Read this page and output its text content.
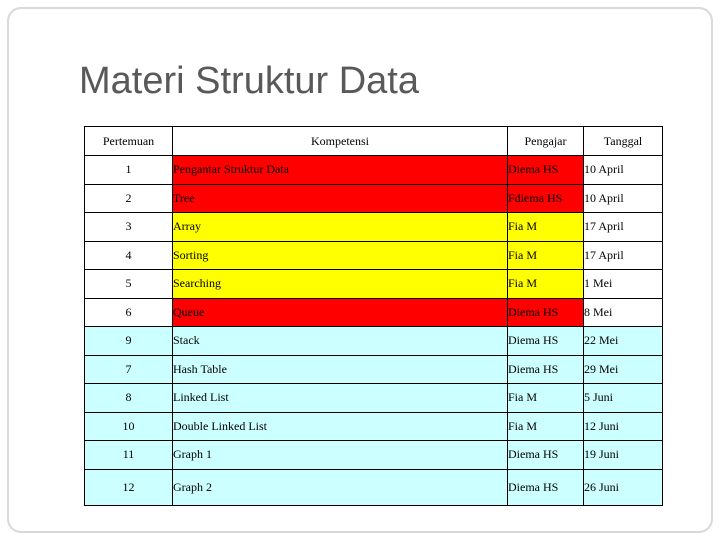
Materi Struktur Data
Pertemuan	Kompetensi	Pengajar	Tanggal
1	Pengantar Struktur Data	Diema HS	10 April
2	Tree	Fdiema HS	10 April
3	Array	Fia M	17 April
4	Sorting	Fia M	17 April
5	Searching	Fia M	1 Mei
6	Queue	Diema HS	8 Mei
9	Stack	Diema HS	22 Mei
7	Hash Table	Diema HS	29 Mei
8	Linked List	Fia M	5 Juni
10	Double Linked List	Fia M	12 Juni
11	Graph 1	Diema HS	19 Juni
12	Graph 2	Diema HS	26 Juni
